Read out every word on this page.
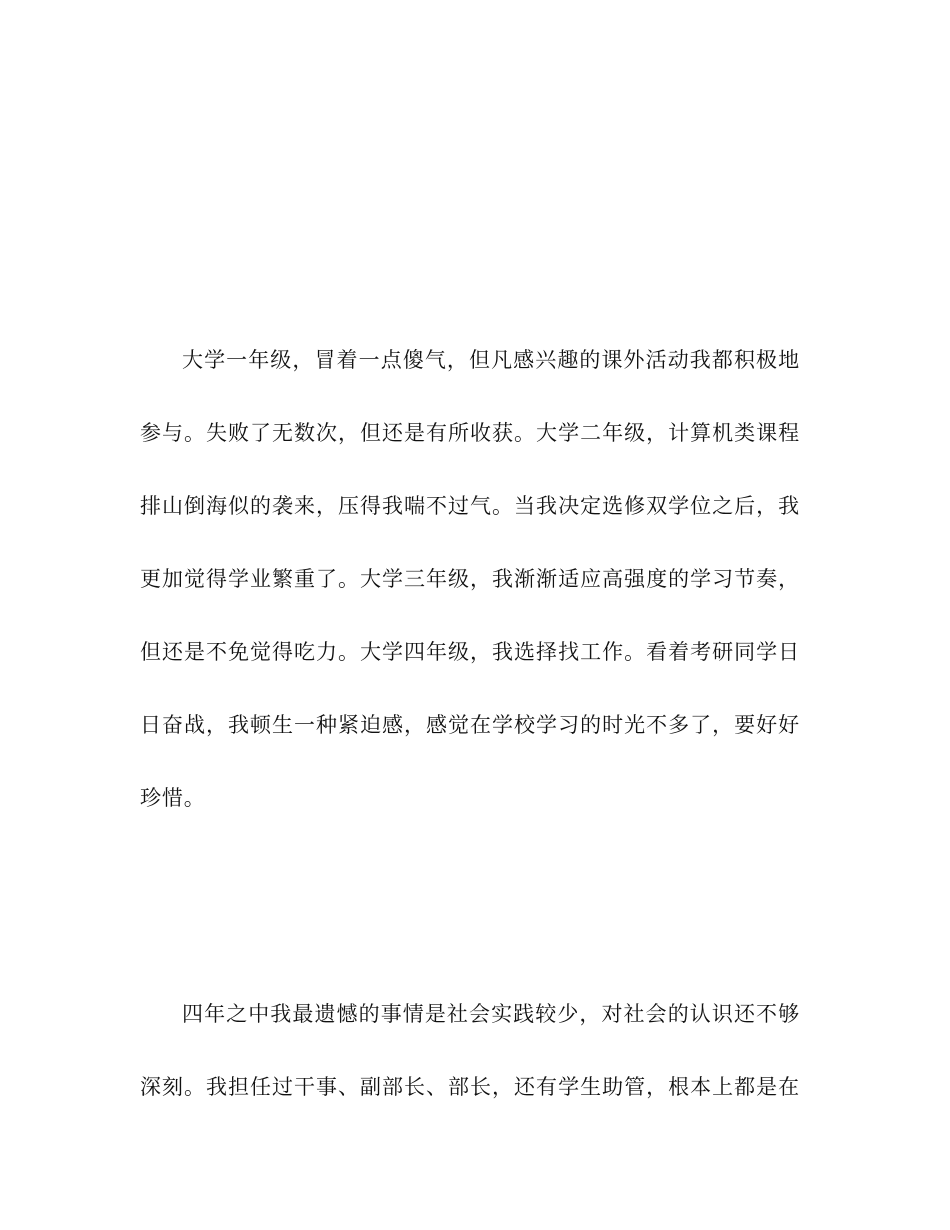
大学一年级，冒着一点傻气，但凡感兴趣的课外活动我都积极地
参与。失败了无数次，但还是有所收获。大学二年级，计算机类课程
排山倒海似的袭来，压得我喘不过气。当我决定选修双学位之后，我
更加觉得学业繁重了。大学三年级，我渐渐适应高强度的学习节奏，
但还是不免觉得吃力。大学四年级，我选择找工作。看着考研同学日
日奋战，我顿生一种紧迫感，感觉在学校学习的时光不多了，要好好
珍惜。
四年之中我最遗憾的事情是社会实践较少，对社会的认识还不够
深刻。我担任过干事、副部长、部长，还有学生助管，根本上都是在
